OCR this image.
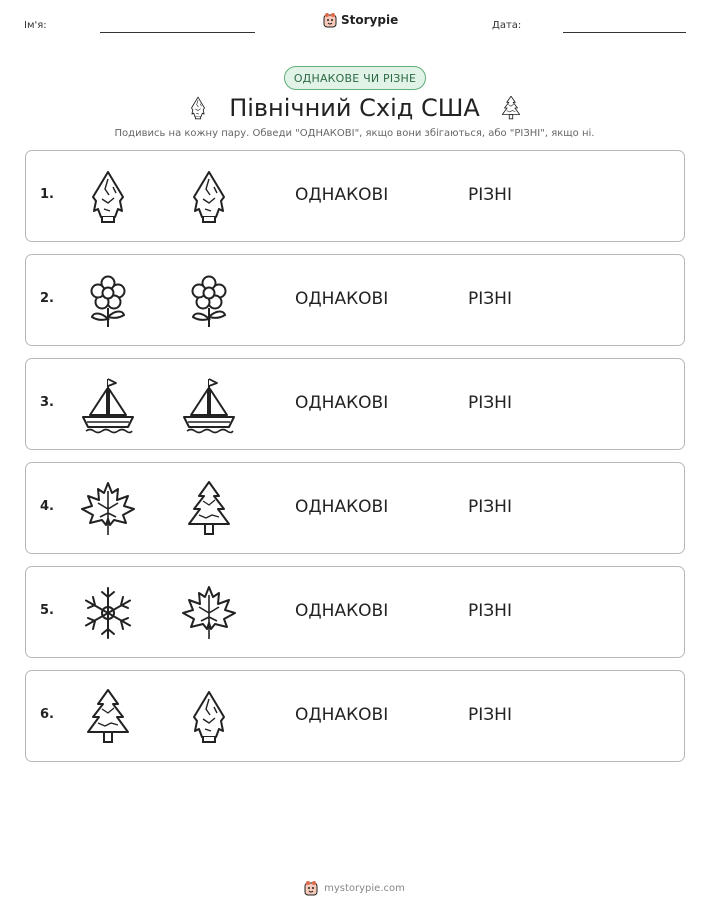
Ім'я:	Storypie	Дата:
ОДНАКОВЕ ЧИ РІЗНЕ
Північний Схід США
Подивись на кожну пару. Обведи "ОДНАКОВІ", якщо вони збігаються, або "РІЗНІ", якщо ні.
1.	ОДНАКОВІ	РІЗНІ
2.	ОДНАКОВІ	РІЗНІ
3.	ОДНАКОВІ	РІЗНІ
4.	ОДНАКОВІ	РІЗНІ
5.	ОДНАКОВІ	РІЗНІ
6.	ОДНАКОВІ	РІЗНІ
mystorypie.com
